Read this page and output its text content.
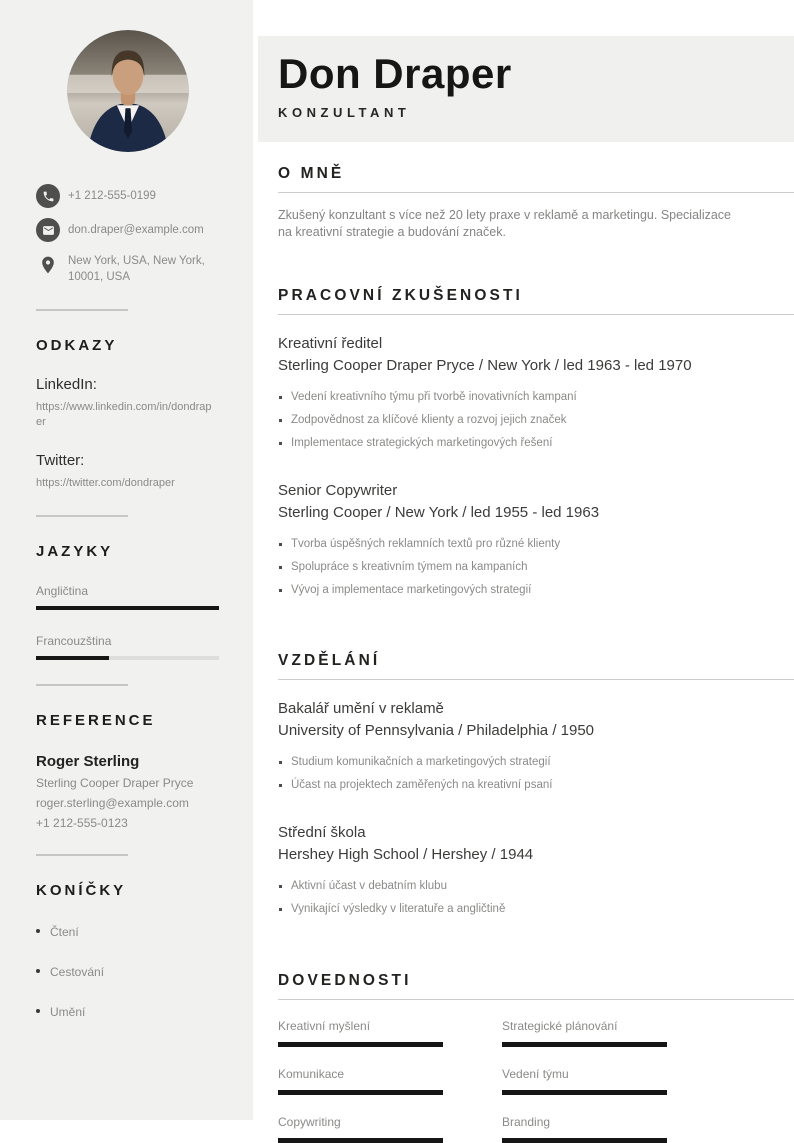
+1 212-555-0199
don.draper@example.com
New York, USA, New York,
10001, USA
ODKAZY
LinkedIn:
https://www.linkedin.com/in/dondraper
Twitter:
https://twitter.com/dondraper
JAZYKY
Angličtina
Francouzština
REFERENCE
Roger Sterling
Sterling Cooper Draper Pryce
roger.sterling@example.com
+1 212-555-0123
KONÍČKY
Čtení
Cestování
Umění
Don Draper
KONZULTANT
O MNĚ

Zkušený konzultant s více než 20 lety praxe v reklamě a marketingu. Specializace na kreativní strategie a budování značek.

PRACOVNÍ ZKUŠENOSTI
Kreativní ředitel
Sterling Cooper Draper Pryce / New York / led 1963 - led 1970
Vedení kreativního týmu při tvorbě inovativních kampaní
Zodpovědnost za klíčové klienty a rozvoj jejich značek
Implementace strategických marketingových řešení
Senior Copywriter
Sterling Cooper / New York / led 1955 - led 1963
Tvorba úspěšných reklamních textů pro různé klienty
Spolupráce s kreativním týmem na kampaních
Vývoj a implementace marketingových strategií
VZDĚLÁNÍ
Bakalář umění v reklamě
University of Pennsylvania / Philadelphia / 1950
Studium komunikačních a marketingových strategií
Účast na projektech zaměřených na kreativní psaní
Střední škola
Hershey High School / Hershey / 1944
Aktivní účast v debatním klubu
Vynikající výsledky v literatuře a angličtině
DOVEDNOSTI
Kreativní myšlení	Strategické plánování
Komunikace	Vedení týmu
Copywriting	Branding
